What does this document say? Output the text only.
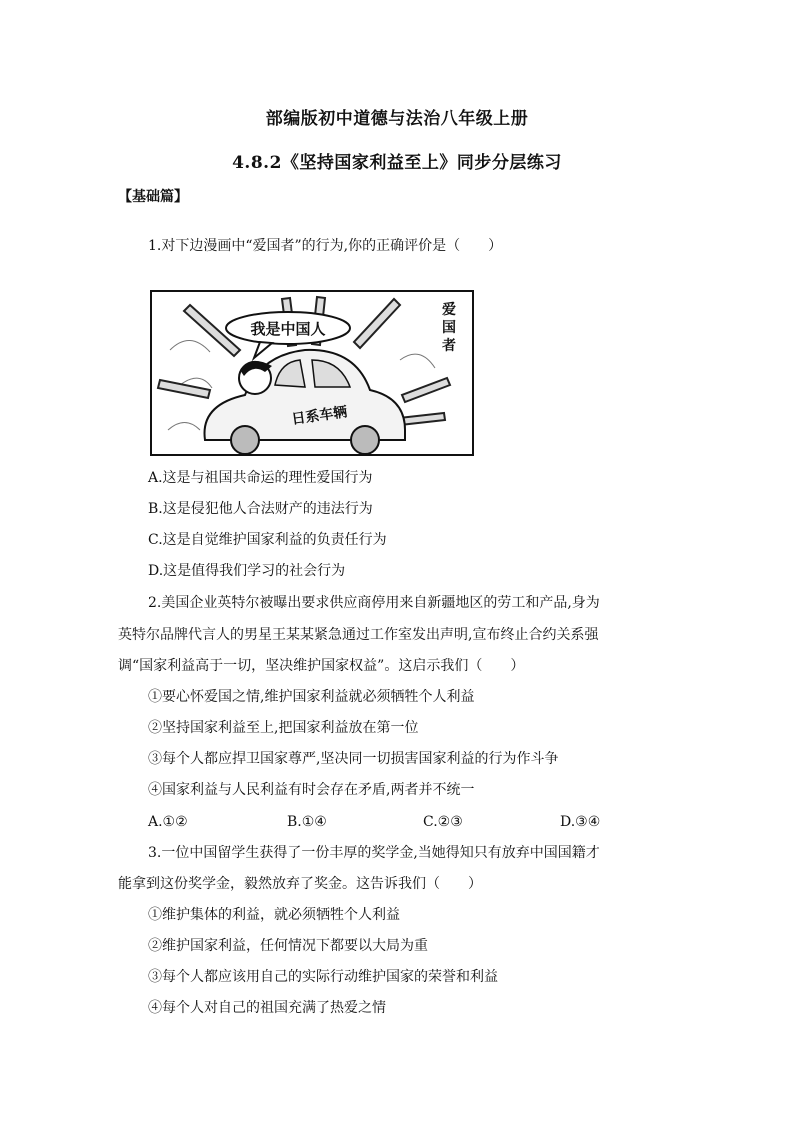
部编版初中道德与法治八年级上册
4.8.2《坚持国家利益至上》同步分层练习
【基础篇】
1.对下边漫画中“爱国者”的行为,你的正确评价是（　　）
我是中国人
日系车辆
爱国者
A.这是与祖国共命运的理性爱国行为
B.这是侵犯他人合法财产的违法行为
C.这是自觉维护国家利益的负责任行为
D.这是值得我们学习的社会行为
2.美国企业英特尔被曝出要求供应商停用来自新疆地区的劳工和产品,身为
英特尔品牌代言人的男星王某某紧急通过工作室发出声明,宣布终止合约关系强
调“国家利益高于一切，坚决维护国家权益”。这启示我们（　　）
①要心怀爱国之情,维护国家利益就必须牺牲个人利益
②坚持国家利益至上,把国家利益放在第一位
③每个人都应捍卫国家尊严,坚决同一切损害国家利益的行为作斗争
④国家利益与人民利益有时会存在矛盾,两者并不统一
A.①②	B.①④	C.②③	D.③④
3.一位中国留学生获得了一份丰厚的奖学金,当她得知只有放弃中国国籍才
能拿到这份奖学金，毅然放弃了奖金。这告诉我们（　　）
①维护集体的利益，就必须牺牲个人利益
②维护国家利益，任何情况下都要以大局为重
③每个人都应该用自己的实际行动维护国家的荣誉和利益
④每个人对自己的祖国充满了热爱之情
